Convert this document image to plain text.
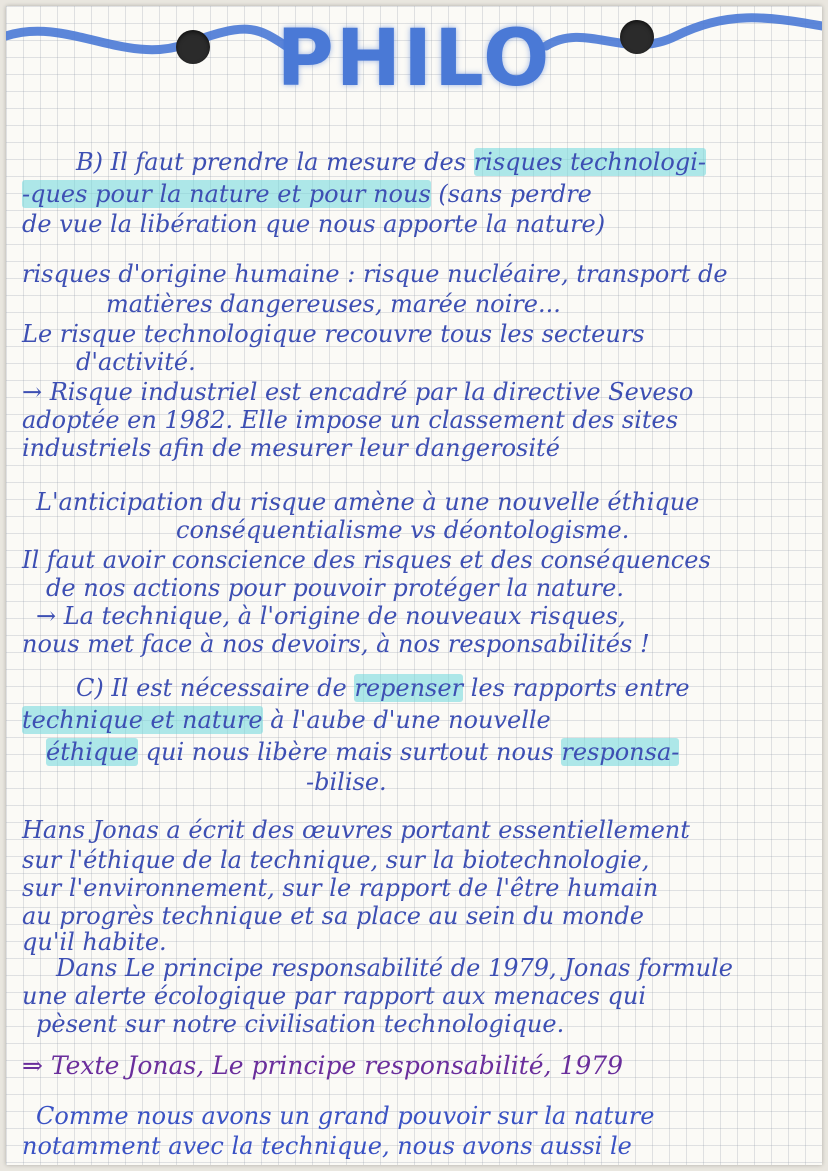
PHILO
B) Il faut prendre la mesure des risques technologi-
-ques pour la nature et pour nous (sans perdre
de vue la libération que nous apporte la nature)
risques d'origine humaine : risque nucléaire, transport de
matières dangereuses, marée noire...
Le risque technologique recouvre tous les secteurs
d'activité.
→ Risque industriel est encadré par la directive Seveso
adoptée en 1982. Elle impose un classement des sites
industriels afin de mesurer leur dangerosité
L'anticipation du risque amène à une nouvelle éthique
conséquentialisme vs déontologisme.
Il faut avoir conscience des risques et des conséquences
de nos actions pour pouvoir protéger la nature.
→ La technique, à l'origine de nouveaux risques,
nous met face à nos devoirs, à nos responsabilités !
C) Il est nécessaire de repenser les rapports entre
technique et nature à l'aube d'une nouvelle
éthique qui nous libère mais surtout nous responsa-
-bilise.
Hans Jonas a écrit des œuvres portant essentiellement
sur l'éthique de la technique, sur la biotechnologie,
sur l'environnement, sur le rapport de l'être humain
au progrès technique et sa place au sein du monde
qu'il habite.
Dans Le principe responsabilité de 1979, Jonas formule
une alerte écologique par rapport aux menaces qui
pèsent sur notre civilisation technologique.
⇒ Texte Jonas, Le principe responsabilité, 1979
Comme nous avons un grand pouvoir sur la nature
notamment avec la technique, nous avons aussi le
